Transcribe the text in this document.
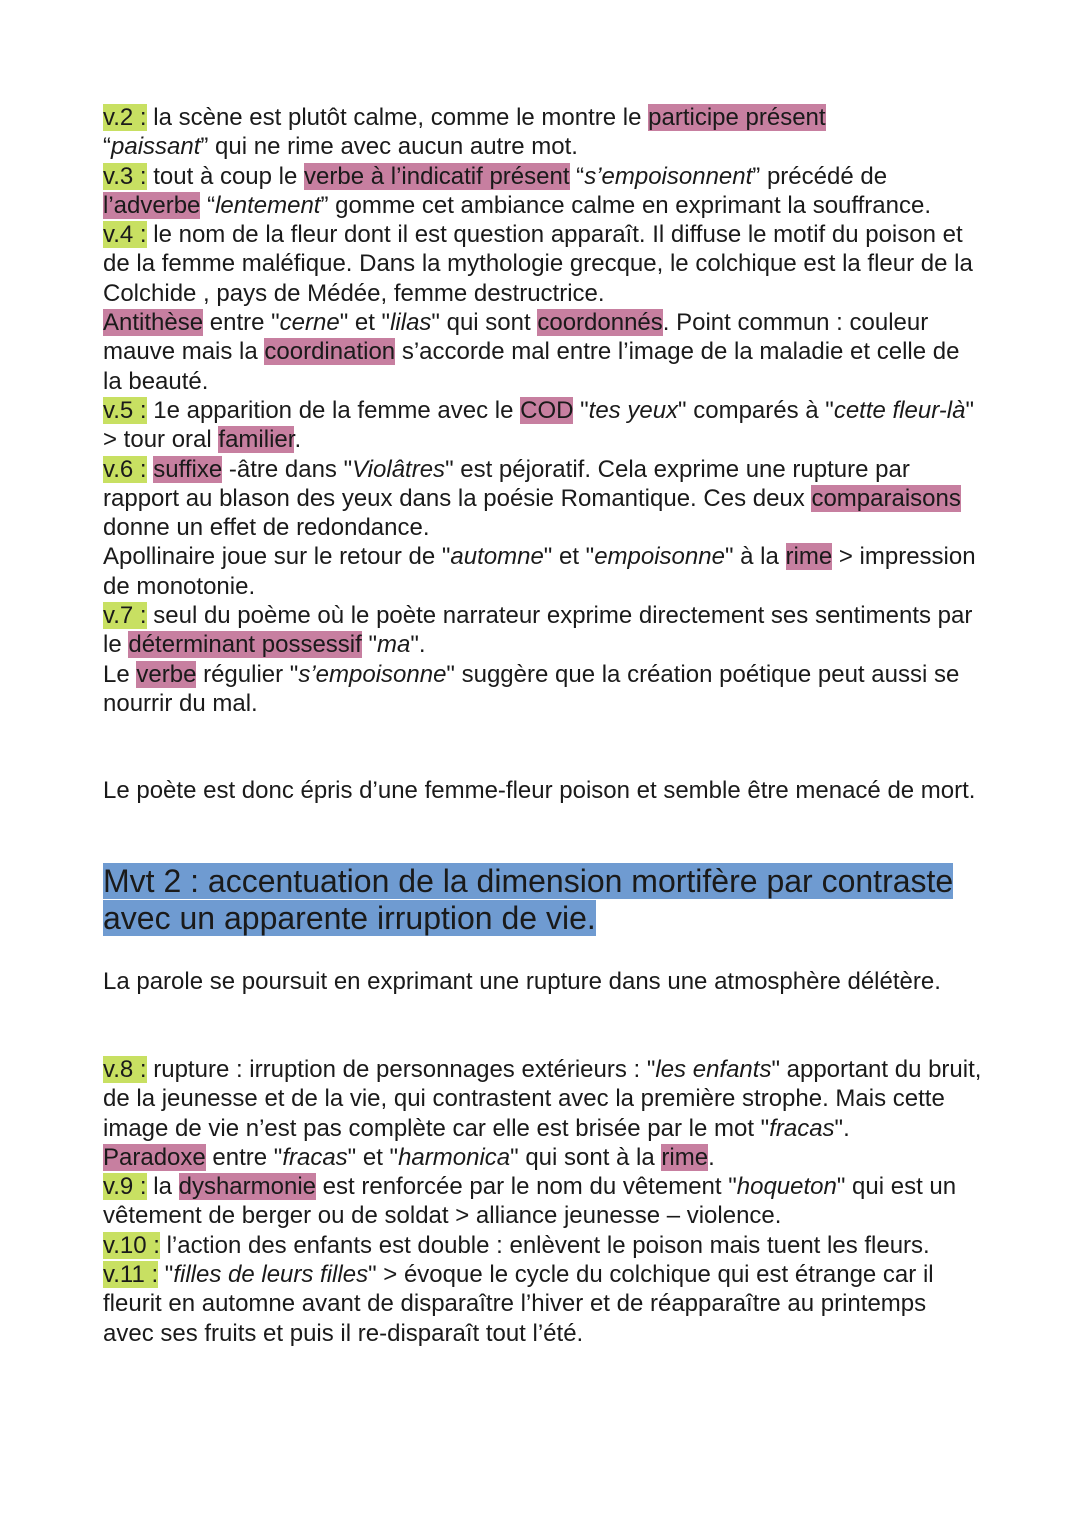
v.2 : la scène est plutôt calme, comme le montre le participe présent
“paissant” qui ne rime avec aucun autre mot.

v.3 : tout à coup le verbe à l’indicatif présent “s’empoisonnent” précédé de l’adverbe “lentement” gomme cet ambiance calme en exprimant la souffrance.

v.4 : le nom de la fleur dont il est question apparaît. Il diffuse le motif du poison et de la femme maléfique. Dans la mythologie grecque, le colchique est la fleur de la Colchide , pays de Médée, femme destructrice.

Antithèse entre "cerne" et "lilas" qui sont coordonnés. Point commun : couleur mauve mais la coordination s’accorde mal entre l’image de la maladie et celle de la beauté.

v.5 : 1e apparition de la femme avec le COD "tes yeux" comparés à "cette fleur-là" > tour oral familier.

v.6 : suffixe -âtre dans "Violâtres" est péjoratif. Cela exprime une rupture par rapport au blason des yeux dans la poésie Romantique. Ces deux comparaisons donne un effet de redondance.

Apollinaire joue sur le retour de "automne" et "empoisonne" à la rime > impression de monotonie.

v.7 : seul du poème où le poète narrateur exprime directement ses sentiments par le déterminant possessif "ma".

Le verbe régulier "s’empoisonne" suggère que la création poétique peut aussi se nourrir du mal.

Le poète est donc épris d’une femme-fleur poison et semble être menacé de mort.

Mvt 2 : accentuation de la dimension mortifère par contraste
avec un apparente irruption de vie.

La parole se poursuit en exprimant une rupture dans une atmosphère délétère.

v.8 : rupture : irruption de personnages extérieurs : "les enfants" apportant du bruit, de la jeunesse et de la vie, qui contrastent avec la première strophe. Mais cette image de vie n’est pas complète car elle est brisée par le mot "fracas".

Paradoxe entre "fracas" et "harmonica" qui sont à la rime.

v.9 : la dysharmonie est renforcée par le nom du vêtement "hoqueton" qui est un vêtement de berger ou de soldat > alliance jeunesse – violence.

v.10 : l’action des enfants est double : enlèvent le poison mais tuent les fleurs.

v.11 : "filles de leurs filles" > évoque le cycle du colchique qui est étrange car il fleurit en automne avant de disparaître l’hiver et de réapparaître au printemps avec ses fruits et puis il re-disparaît tout l’été.
